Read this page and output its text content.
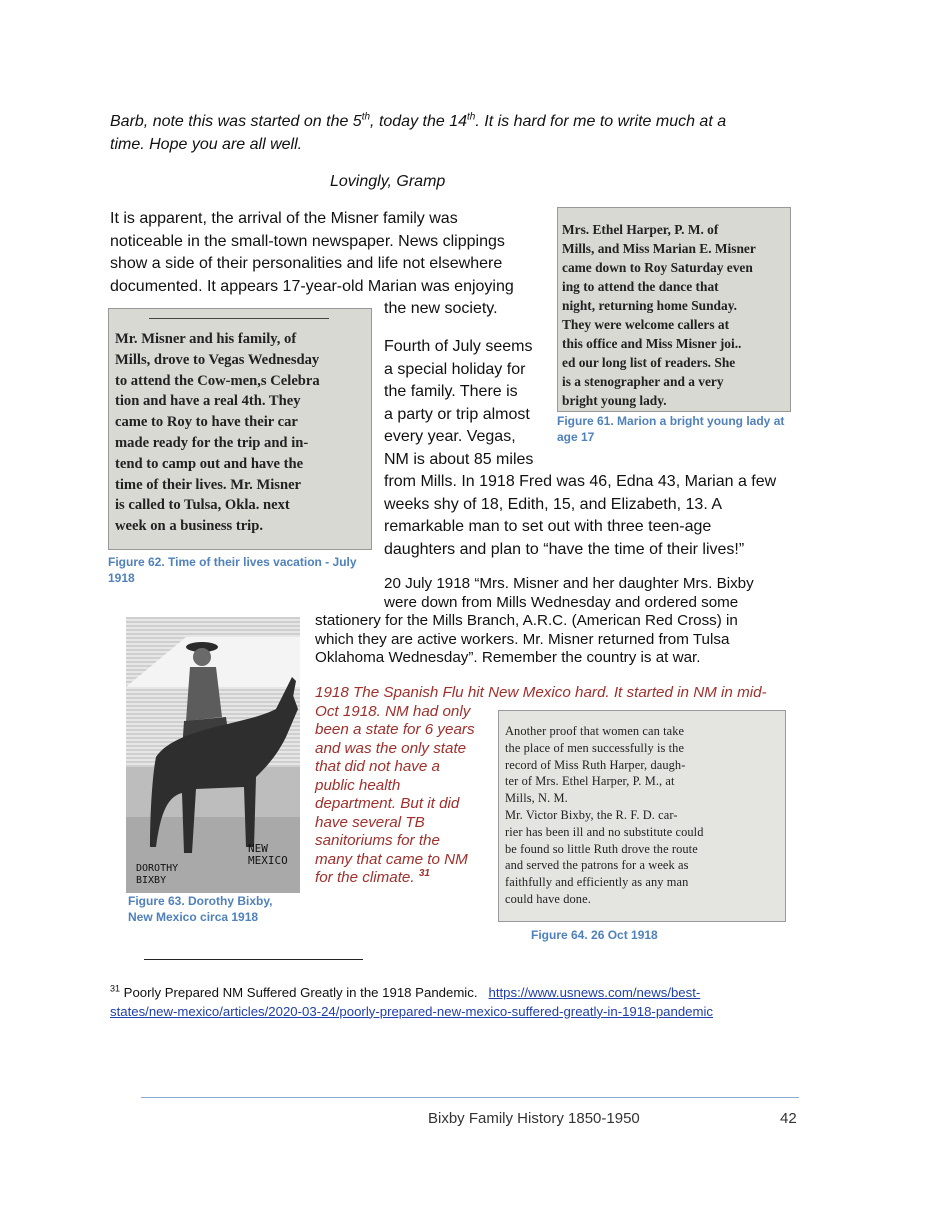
Barb, note this was started on the 5th, today the 14th. It is hard for me to write much at a
time. Hope you are all well.
Lovingly, Gramp
It is apparent, the arrival of the Misner family was
noticeable in the small-town newspaper. News clippings
show a side of their personalities and life not elsewhere
documented. It appears 17-year-old Marian was enjoying
the new society.
Mrs. Ethel Harper, P. M. of
Mills, and Miss Marian E. Misner
came down to Roy Saturday even
ing to attend the dance that
night, returning home Sunday.
They were welcome callers at
this office and Miss Misner joi..
ed our long list of readers. She
is a stenographer and a very
bright young lady.
Figure 61. Marion a bright young lady at
age 17
Mr. Misner and his family, of
Mills, drove to Vegas Wednesday
to attend the Cow-men,s Celebra
tion and have a real 4th. They
came to Roy to have their car
made ready for the trip and in-
tend to camp out and have the
time of their lives. Mr. Misner
is called to Tulsa, Okla. next
week on a business trip.
Figure 62. Time of their lives vacation - July
1918
Fourth of July seems
a special holiday for
the family. There is
a party or trip almost
every year. Vegas,
NM is about 85 miles
from Mills. In 1918 Fred was 46, Edna 43, Marian a few
weeks shy of 18, Edith, 15, and Elizabeth, 13. A
remarkable man to set out with three teen-age
daughters and plan to “have the time of their lives!”
20 July 1918 “Mrs. Misner and her daughter Mrs. Bixby
were down from Mills Wednesday and ordered some
stationery for the Mills Branch, A.R.C. (American Red Cross) in
which they are active workers. Mr. Misner returned from Tulsa
Oklahoma Wednesday”. Remember the country is at war.
DOROTHY
BIXBY
NEW
MEXICO
Figure 63. Dorothy Bixby,
New Mexico circa 1918
1918 The Spanish Flu hit New Mexico hard. It started in NM in mid-
Oct 1918. NM had only
been a state for 6 years
and was the only state
that did not have a
public health
department. But it did
have several TB
sanitoriums for the
many that came to NM
for the climate. $^{31}$
Another proof that women can take
the place of men successfully is the
record of Miss Ruth Harper, daugh-
ter of Mrs. Ethel Harper, P. M., at
Mills, N. M.
Mr. Victor Bixby, the R. F. D. car-
rier has been ill and no substitute could
be found so little Ruth drove the route
and served the patrons for a week as
faithfully and efficiently as any man
could have done.
Figure 64. 26 Oct 1918
$^{31}$ Poorly Prepared NM Suffered Greatly in the 1918 Pandemic.   https://www.usnews.com/news/best-
states/new-mexico/articles/2020-03-24/poorly-prepared-new-mexico-suffered-greatly-in-1918-pandemic
Bixby Family History 1850-1950	42
